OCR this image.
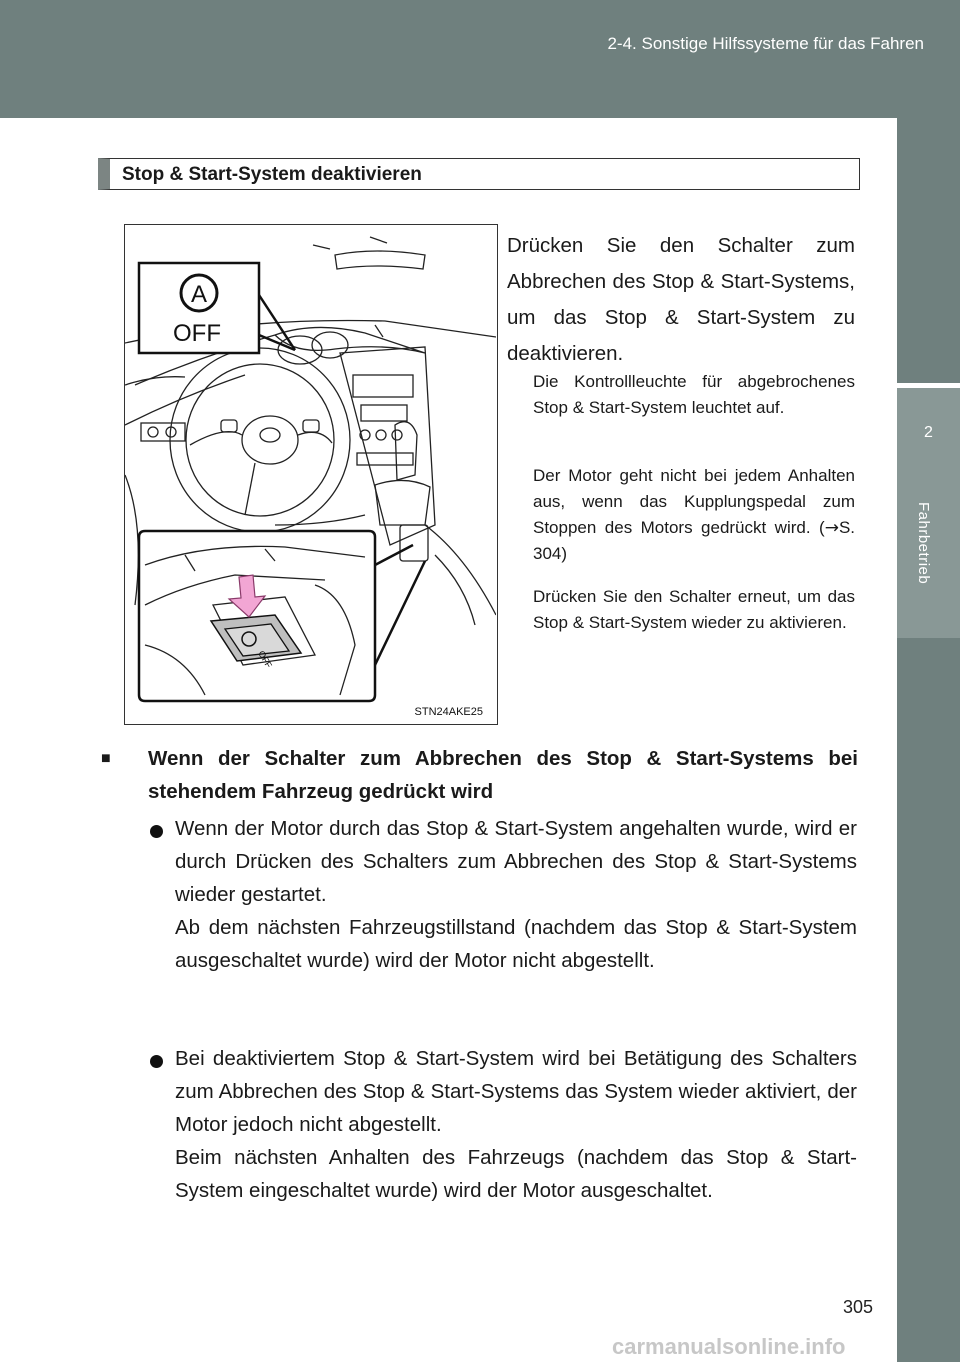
2-4. Sonstige Hilfssysteme für das Fahren
2
Fahrbetrieb
Stop & Start-System deaktivieren
A
OFF
OFF
STN24AKE25
Drücken Sie den Schalter zum Abbrechen des Stop & Start-Systems, um das Stop & Start-System zu deaktivieren.
Die Kontrollleuchte für abgebrochenes Stop & Start-System leuchtet auf.
Der Motor geht nicht bei jedem Anhalten aus, wenn das Kupplungspedal zum Stoppen des Motors gedrückt wird. (→S. 304)
Drücken Sie den Schalter erneut, um das Stop & Start-System wieder zu aktivieren.
■ Wenn der Schalter zum Abbrechen des Stop & Start-Systems bei stehendem Fahrzeug gedrückt wird
Wenn der Motor durch das Stop & Start-System angehalten wurde, wird er durch Drücken des Schalters zum Abbrechen des Stop & Start-Systems wieder gestartet.
Ab dem nächsten Fahrzeugstillstand (nachdem das Stop & Start-System ausgeschaltet wurde) wird der Motor nicht abgestellt.
Bei deaktiviertem Stop & Start-System wird bei Betätigung des Schalters zum Abbrechen des Stop & Start-Systems das System wieder aktiviert, der Motor jedoch nicht abgestellt.
Beim nächsten Anhalten des Fahrzeugs (nachdem das Stop & Start-System eingeschaltet wurde) wird der Motor ausgeschaltet.
305
carmanualsonline.info
